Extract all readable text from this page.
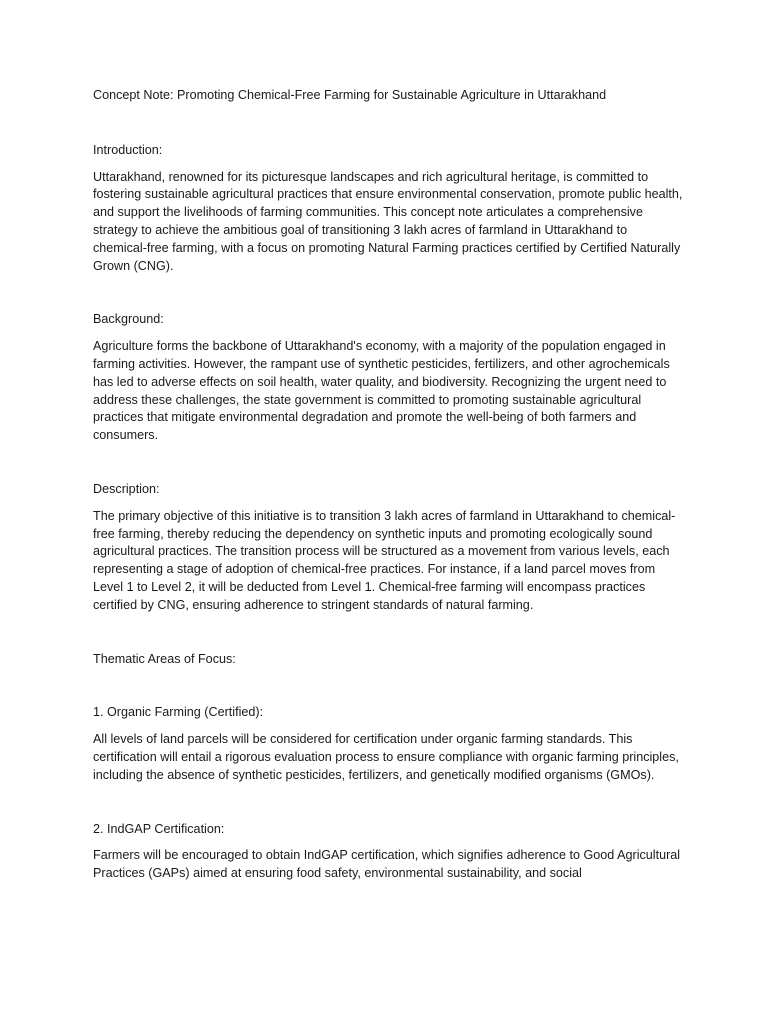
Concept Note: Promoting Chemical-Free Farming for Sustainable Agriculture in Uttarakhand

Introduction:

Uttarakhand, renowned for its picturesque landscapes and rich agricultural heritage, is committed to fostering sustainable agricultural practices that ensure environmental conservation, promote public health, and support the livelihoods of farming communities. This concept note articulates a comprehensive strategy to achieve the ambitious goal of transitioning 3 lakh acres of farmland in Uttarakhand to chemical-free farming, with a focus on promoting Natural Farming practices certified by Certified Naturally Grown (CNG).

Background:

Agriculture forms the backbone of Uttarakhand's economy, with a majority of the population engaged in farming activities. However, the rampant use of synthetic pesticides, fertilizers, and other agrochemicals has led to adverse effects on soil health, water quality, and biodiversity. Recognizing the urgent need to address these challenges, the state government is committed to promoting sustainable agricultural practices that mitigate environmental degradation and promote the well-being of both farmers and consumers.

Description:

The primary objective of this initiative is to transition 3 lakh acres of farmland in Uttarakhand to chemical-free farming, thereby reducing the dependency on synthetic inputs and promoting ecologically sound agricultural practices. The transition process will be structured as a movement from various levels, each representing a stage of adoption of chemical-free practices. For instance, if a land parcel moves from Level 1 to Level 2, it will be deducted from Level 1. Chemical-free farming will encompass practices certified by CNG, ensuring adherence to stringent standards of natural farming.

Thematic Areas of Focus:

1. Organic Farming (Certified):

All levels of land parcels will be considered for certification under organic farming standards. This certification will entail a rigorous evaluation process to ensure compliance with organic farming principles, including the absence of synthetic pesticides, fertilizers, and genetically modified organisms (GMOs).

2. IndGAP Certification:

Farmers will be encouraged to obtain IndGAP certification, which signifies adherence to Good Agricultural Practices (GAPs) aimed at ensuring food safety, environmental sustainability, and social
